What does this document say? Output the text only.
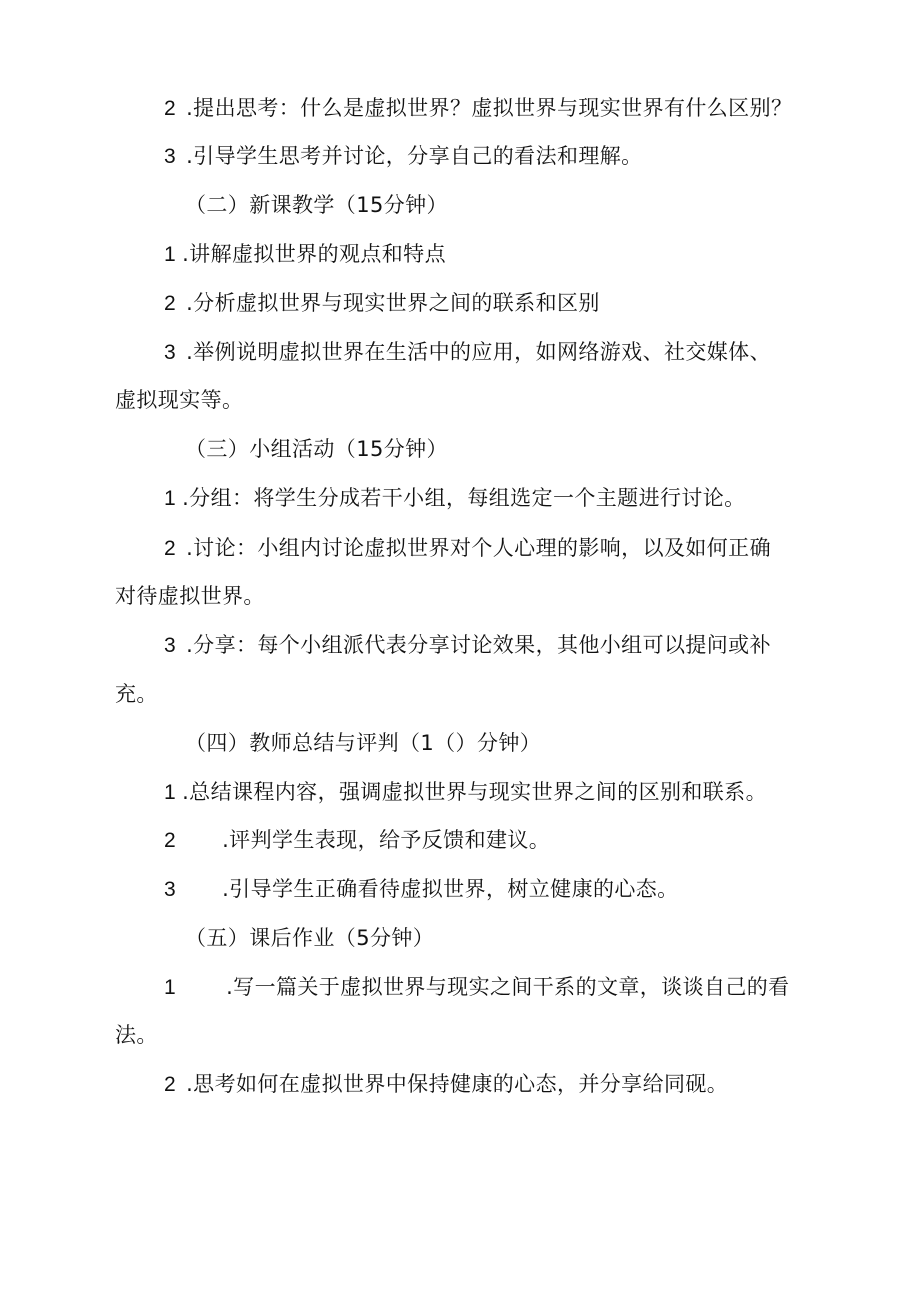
2 .提出思考：什么是虚拟世界？虚拟世界与现实世界有什么区别？

3 .引导学生思考并讨论，分享自己的看法和理解。

（二）新课教学（15分钟）

1 .讲解虚拟世界的观点和特点

2 .分析虚拟世界与现实世界之间的联系和区别

3 .举例说明虚拟世界在生活中的应用，如网络游戏、社交媒体、

虚拟现实等。

（三）小组活动（15分钟）

1 .分组：将学生分成若干小组，每组选定一个主题进行讨论。

2 .讨论：小组内讨论虚拟世界对个人心理的影响，以及如何正确

对待虚拟世界。

3 .分享：每个小组派代表分享讨论效果，其他小组可以提问或补

充。

（四）教师总结与评判（1（）分钟）

1 .总结课程内容，强调虚拟世界与现实世界之间的区别和联系。

2 .评判学生表现，给予反馈和建议。

3 .引导学生正确看待虚拟世界，树立健康的心态。

（五）课后作业（5分钟）

1 .写一篇关于虚拟世界与现实之间干系的文章，谈谈自己的看

法。

2 .思考如何在虚拟世界中保持健康的心态，并分享给同砚。
